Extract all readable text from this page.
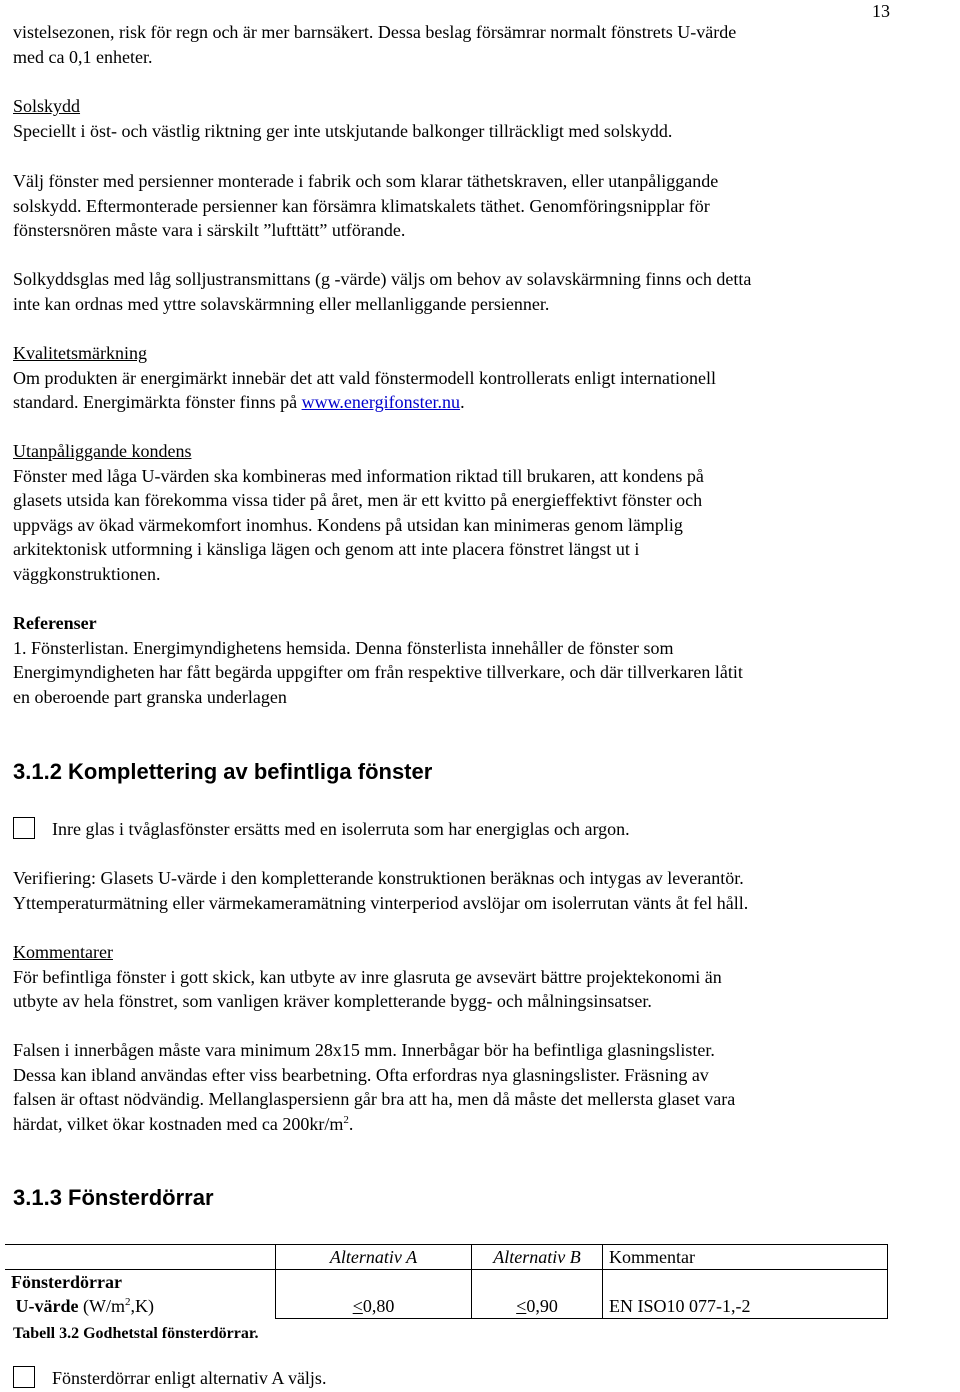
13

vistelsezonen, risk för regn och är mer barnsäkert. Dessa beslag försämrar normalt fönstrets U-värde
med ca 0,1 enheter.

Solskydd
Speciellt i öst- och västlig riktning ger inte utskjutande balkonger tillräckligt med solskydd.

Välj fönster med persienner monterade i fabrik och som klarar täthetskraven, eller utanpåliggande
solskydd. Eftermonterade persienner kan försämra klimatskalets täthet. Genomföringsnipplar för
fönstersnören måste vara i särskilt ”lufttätt” utförande.

Solkyddsglas med låg solljustransmittans (g -värde) väljs om behov av solavskärmning finns och detta
inte kan ordnas med yttre solavskärmning eller mellanliggande persienner.

Kvalitetsmärkning
Om produkten är energimärkt innebär det att vald fönstermodell kontrollerats enligt internationell
standard. Energimärkta fönster finns på www.energifonster.nu.

Utanpåliggande kondens
Fönster med låga U-värden ska kombineras med information riktad till brukaren, att kondens på
glasets utsida kan förekomma vissa tider på året, men är ett kvitto på energieffektivt fönster och
uppvägs av ökad värmekomfort inomhus. Kondens på utsidan kan minimeras genom lämplig
arkitektonisk utformning i känsliga lägen och genom att inte placera fönstret längst ut i
väggkonstruktionen.

Referenser
1. Fönsterlistan. Energimyndighetens hemsida. Denna fönsterlista innehåller de fönster som
Energimyndigheten har fått begärda uppgifter om från respektive tillverkare, och där tillverkaren låtit
en oberoende part granska underlagen

3.1.2 Komplettering av befintliga fönster
Inre glas i tvåglasfönster ersätts med en isolerruta som har energiglas och argon.

Verifiering: Glasets U-värde i den kompletterande konstruktionen beräknas och intygas av leverantör.
Yttemperaturmätning eller värmekameramätning vinterperiod avslöjar om isolerrutan vänts åt fel håll.

Kommentarer
För befintliga fönster i gott skick, kan utbyte av inre glasruta ge avsevärt bättre projektekonomi än
utbyte av hela fönstret, som vanligen kräver kompletterande bygg- och målningsinsatser.

Falsen i innerbågen måste vara minimum 28x15 mm. Innerbågar bör ha befintliga glasningslister.
Dessa kan ibland användas efter viss bearbetning. Ofta erfordras nya glasningslister. Fräsning av
falsen är oftast nödvändig. Mellanglaspersienn går bra att ha, men då måste det mellersta glaset vara
härdat, vilket ökar kostnaden med ca $200kr/m^2$.

3.1.3 Fönsterdörrar
	Alternativ A	Alternativ B	Kommentar
Fönsterdörrar
U-värde $(W/m^2,K)$	≤0,80	≤0,90	EN ISO10 077-1,-2
Tabell 3.2 Godhetstal fönsterdörrar.
Fönsterdörrar enligt alternativ A väljs.
